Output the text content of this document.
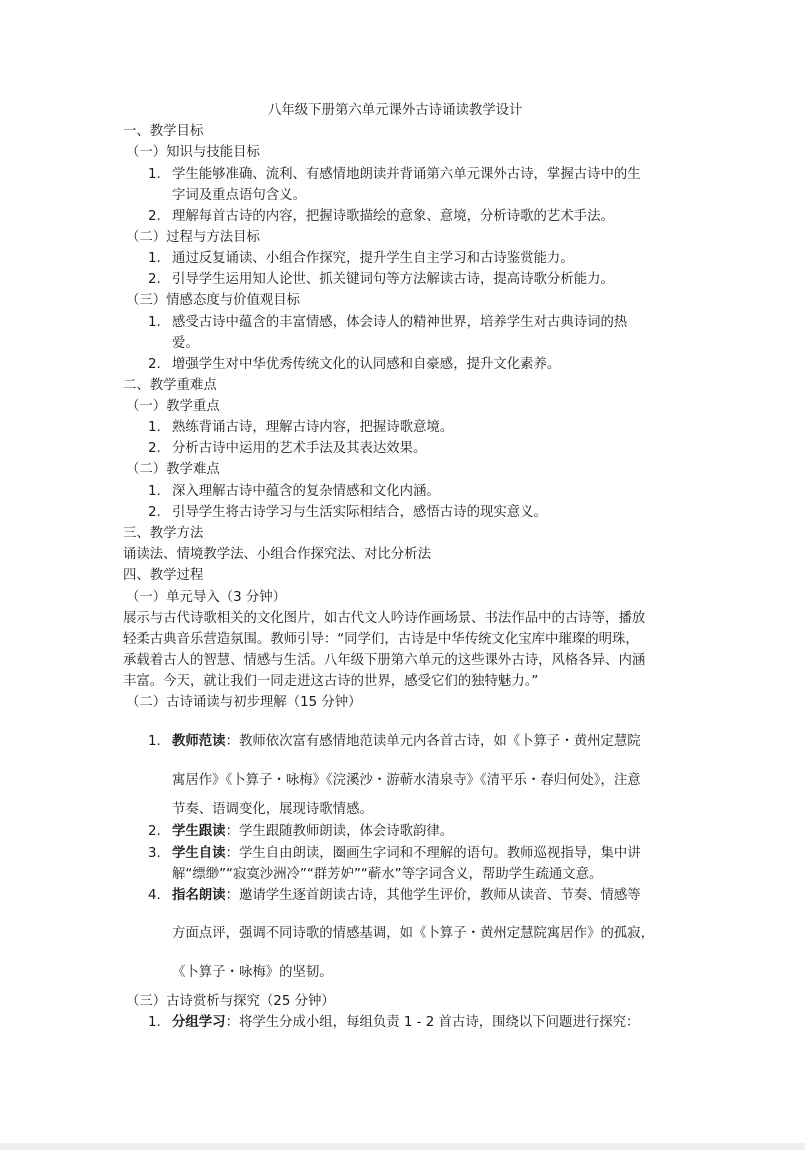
八年级下册第六单元课外古诗诵读教学设计
一、教学目标
（一）知识与技能目标
1. 学生能够准确、流利、有感情地朗读并背诵第六单元课外古诗，掌握古诗中的生
字词及重点语句含义。
2. 理解每首古诗的内容，把握诗歌描绘的意象、意境，分析诗歌的艺术手法。
（二）过程与方法目标
1. 通过反复诵读、小组合作探究，提升学生自主学习和古诗鉴赏能力。
2. 引导学生运用知人论世、抓关键词句等方法解读古诗，提高诗歌分析能力。
（三）情感态度与价值观目标
1. 感受古诗中蕴含的丰富情感，体会诗人的精神世界，培养学生对古典诗词的热
爱。
2. 增强学生对中华优秀传统文化的认同感和自豪感，提升文化素养。
二、教学重难点
（一）教学重点
1. 熟练背诵古诗，理解古诗内容，把握诗歌意境。
2. 分析古诗中运用的艺术手法及其表达效果。
（二）教学难点
1. 深入理解古诗中蕴含的复杂情感和文化内涵。
2. 引导学生将古诗学习与生活实际相结合，感悟古诗的现实意义。
三、教学方法
诵读法、情境教学法、小组合作探究法、对比分析法
四、教学过程
（一）单元导入（3 分钟）
展示与古代诗歌相关的文化图片，如古代文人吟诗作画场景、书法作品中的古诗等，播放
轻柔古典音乐营造氛围。教师引导：“同学们，古诗是中华传统文化宝库中璀璨的明珠，
承载着古人的智慧、情感与生活。八年级下册第六单元的这些课外古诗，风格各异、内涵
丰富。今天，就让我们一同走进这古诗的世界，感受它们的独特魅力。”
（二）古诗诵读与初步理解（15 分钟）
1. 教师范读：教师依次富有感情地范读单元内各首古诗，如《卜算子・黄州定慧院
寓居作》《卜算子・咏梅》《浣溪沙・游蕲水清泉寺》《清平乐・春归何处》，注意
节奏、语调变化，展现诗歌情感。
2. 学生跟读：学生跟随教师朗读，体会诗歌韵律。
3. 学生自读：学生自由朗读，圈画生字词和不理解的语句。教师巡视指导，集中讲
解“缥缈”“寂寞沙洲冷”“群芳妒”“蕲水”等字词含义，帮助学生疏通文意。
4. 指名朗读：邀请学生逐首朗读古诗，其他学生评价，教师从读音、节奏、情感等
方面点评，强调不同诗歌的情感基调，如《卜算子・黄州定慧院寓居作》的孤寂，
《卜算子・咏梅》的坚韧。
（三）古诗赏析与探究（25 分钟）
1. 分组学习：将学生分成小组，每组负责 1 - 2 首古诗，围绕以下问题进行探究：
